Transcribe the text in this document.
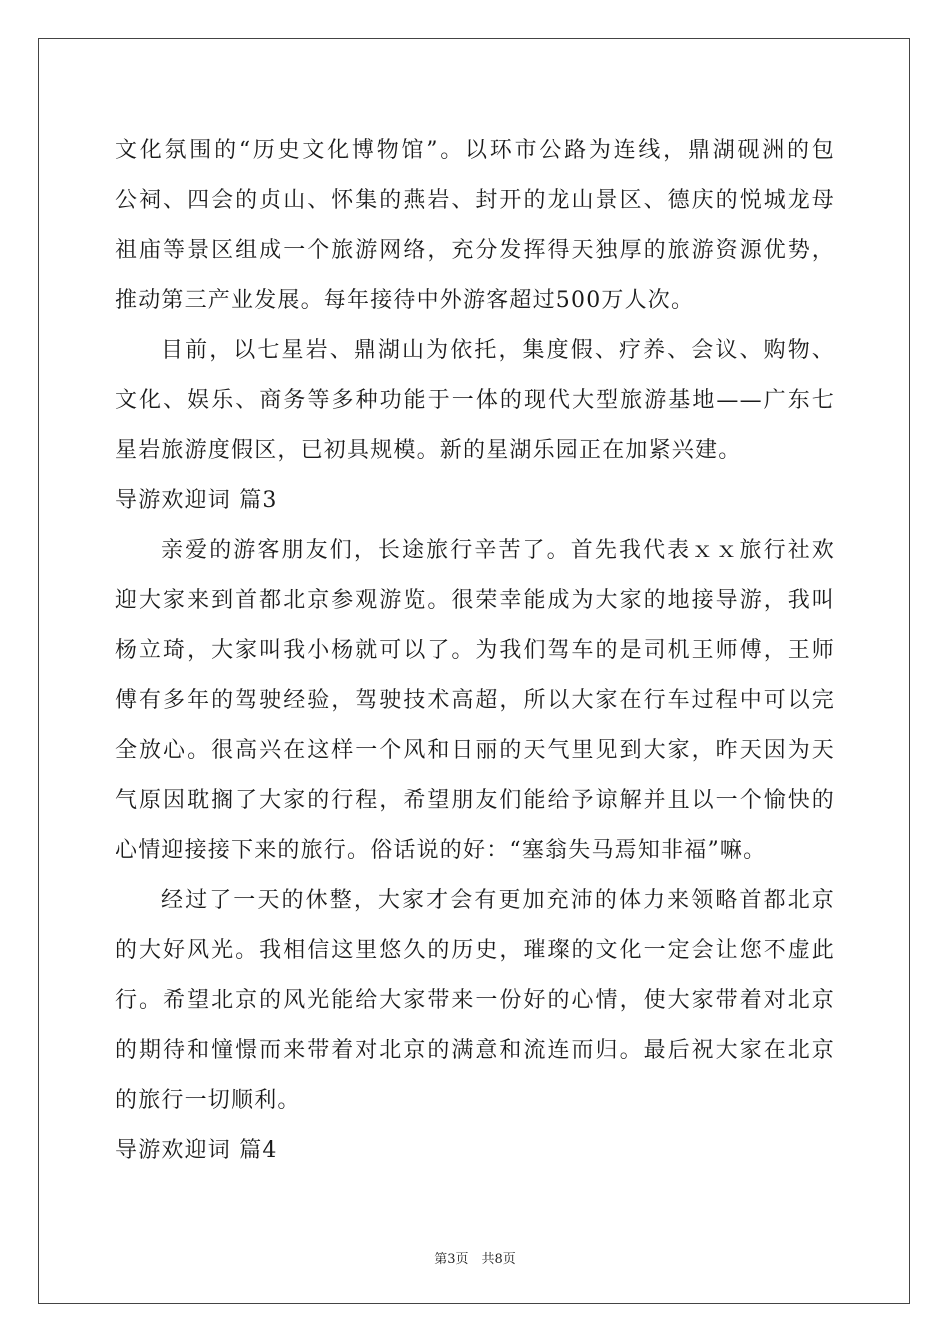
文化氛围的“历史文化博物馆”。以环市公路为连线，鼎湖砚洲的包
公祠、四会的贞山、怀集的燕岩、封开的龙山景区、德庆的悦城龙母
祖庙等景区组成一个旅游网络，充分发挥得天独厚的旅游资源优势，
推动第三产业发展。每年接待中外游客超过500万人次。
目前，以七星岩、鼎湖山为依托，集度假、疗养、会议、购物、
文化、娱乐、商务等多种功能于一体的现代大型旅游基地——广东七
星岩旅游度假区，已初具规模。新的星湖乐园正在加紧兴建。
导游欢迎词 篇3
亲爱的游客朋友们，长途旅行辛苦了。首先我代表ｘｘ旅行社欢
迎大家来到首都北京参观游览。很荣幸能成为大家的地接导游，我叫
杨立琦，大家叫我小杨就可以了。为我们驾车的是司机王师傅，王师
傅有多年的驾驶经验，驾驶技术高超，所以大家在行车过程中可以完
全放心。很高兴在这样一个风和日丽的天气里见到大家，昨天因为天
气原因耽搁了大家的行程，希望朋友们能给予谅解并且以一个愉快的
心情迎接接下来的旅行。俗话说的好：“塞翁失马焉知非福”嘛。
经过了一天的休整，大家才会有更加充沛的体力来领略首都北京
的大好风光。我相信这里悠久的历史，璀璨的文化一定会让您不虚此
行。希望北京的风光能给大家带来一份好的心情，使大家带着对北京
的期待和憧憬而来带着对北京的满意和流连而归。最后祝大家在北京
的旅行一切顺利。
导游欢迎词 篇4
第3页　共8页
